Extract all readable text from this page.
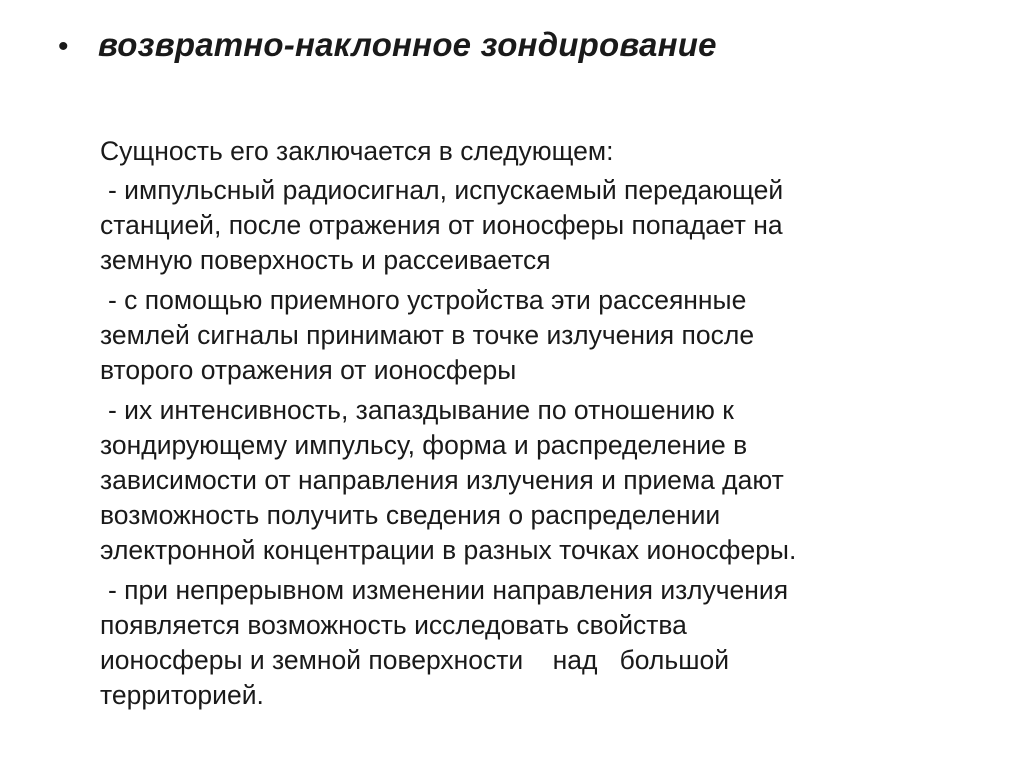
• возвратно-наклонное зондирование

Сущность его заключается в следующем:

- импульсный радиосигнал, испускаемый передающей
станцией, после отражения от ионосферы попадает на
земную поверхность и рассеивается

- с помощью приемного устройства эти рассеянные
землей сигналы принимают в точке излучения после
второго отражения от ионосферы

- их интенсивность, запаздывание по отношению к
зондирующему импульсу, форма и распределение в
зависимости от направления излучения и приема дают
возможность получить сведения о распределении
электронной концентрации в разных точках ионосферы.

- при непрерывном изменении направления излучения
появляется возможность исследовать свойства
ионосферы и земной поверхности    над   большой
территорией.
